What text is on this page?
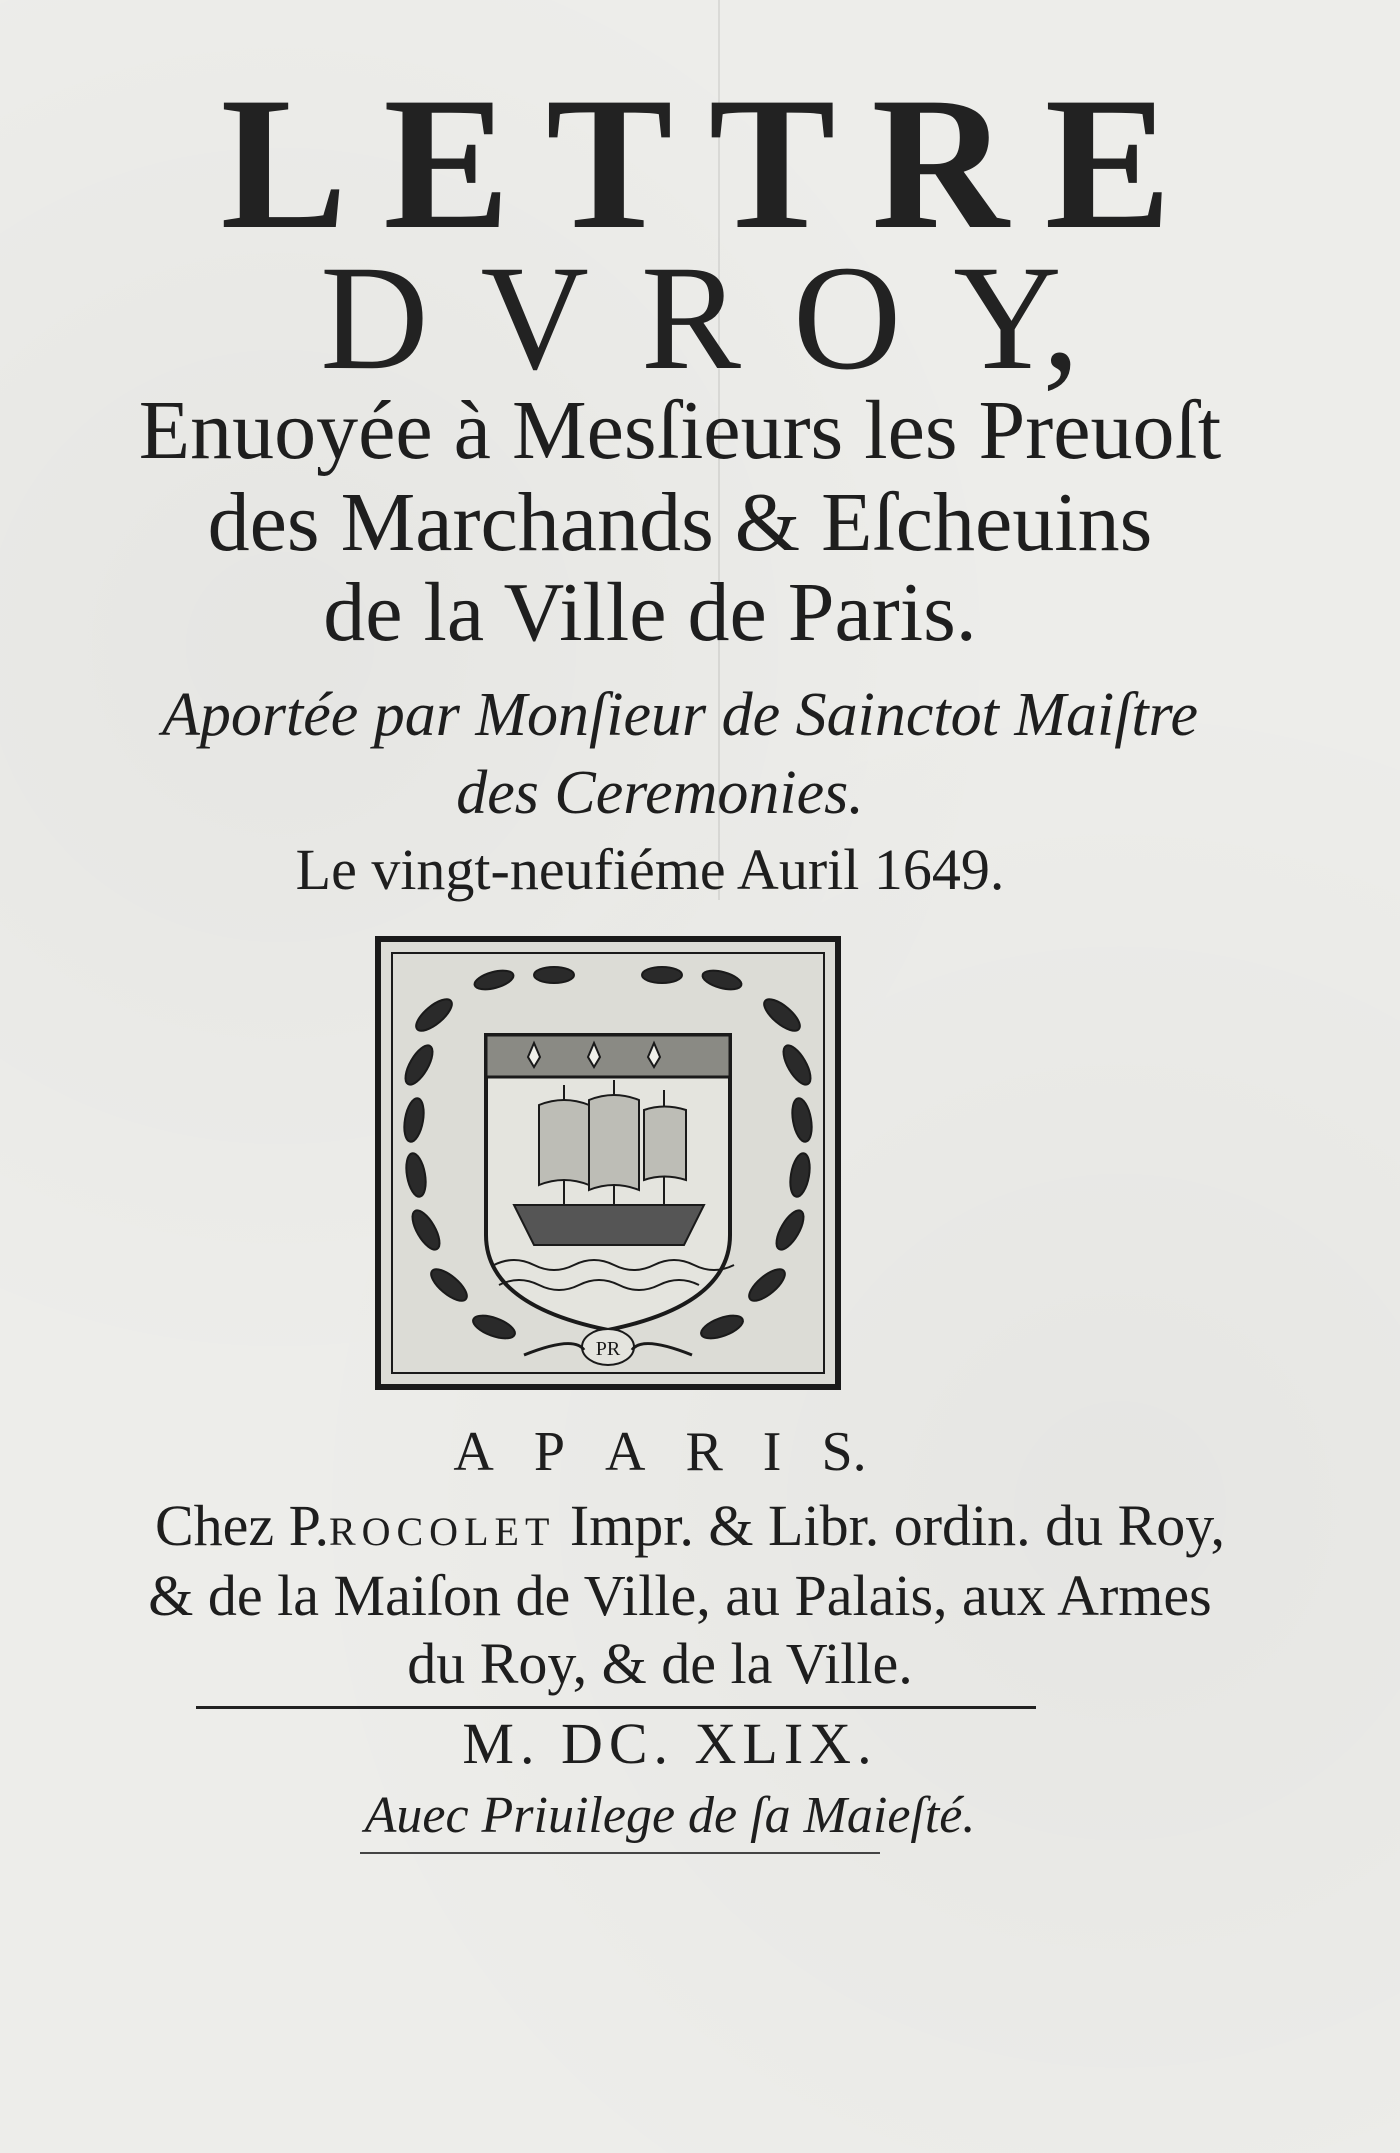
L E T T R E
D V R O Y,
Enuoyée à Mesſieurs les Preuoſt
des Marchands & Eſcheuins
de la Ville de Paris.
Aportée par Monſieur de Sainctot Maiſtre
des Ceremonies.
Le vingt-neufiéme Auril 1649.
PR
A P A R I S.
Chez P.ROCOLET Impr. & Libr. ordin. du Roy,
& de la Maiſon de Ville, au Palais, aux Armes
du Roy, & de la Ville.
M. DC. XLIX.
Auec Priuilege de ſa Maieſté.
